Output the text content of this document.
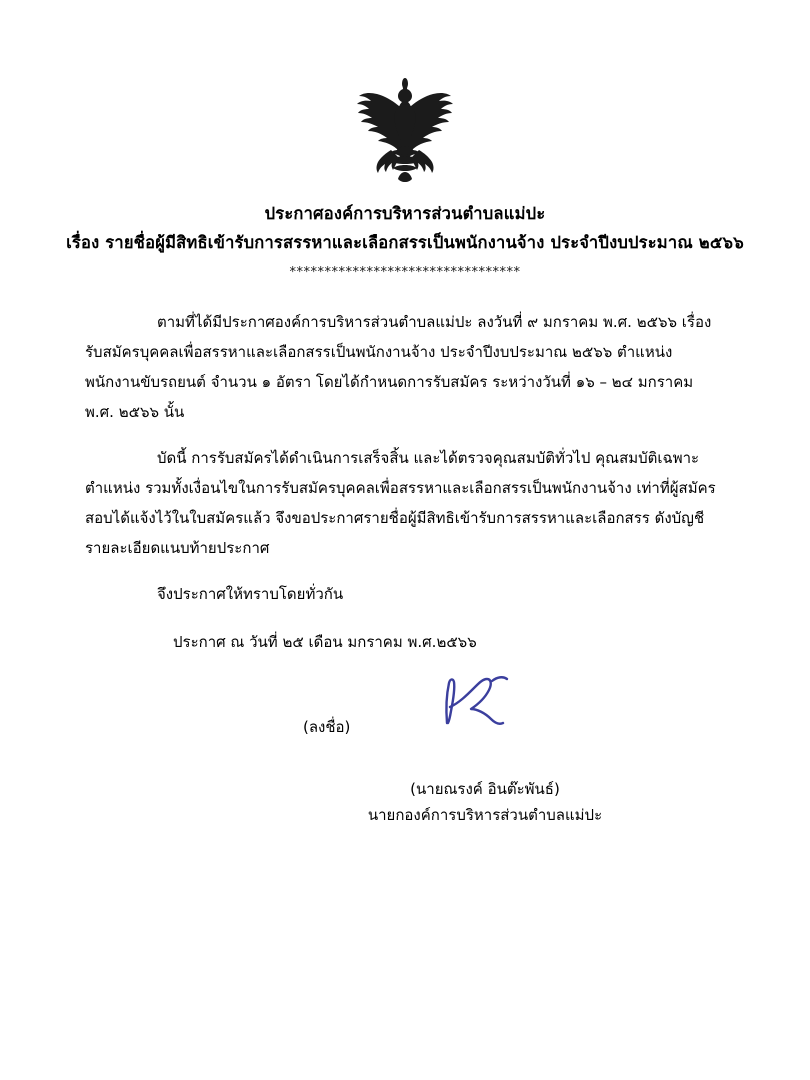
ประกาศองค์การบริหารส่วนตำบลแม่ปะ
เรื่อง รายชื่อผู้มีสิทธิเข้ารับการสรรหาและเลือกสรรเป็นพนักงานจ้าง ประจำปีงบประมาณ ๒๕๖๖
*********************************

ตามที่ได้มีประกาศองค์การบริหารส่วนตำบลแม่ปะ ลงวันที่ ๙ มกราคม พ.ศ. ๒๕๖๖ เรื่อง รับสมัครบุคคลเพื่อสรรหาและเลือกสรรเป็นพนักงานจ้าง ประจำปีงบประมาณ ๒๕๖๖ ตำแหน่ง พนักงานขับรถยนต์ จำนวน ๑ อัตรา โดยได้กำหนดการรับสมัคร ระหว่างวันที่ ๑๖ – ๒๔ มกราคม พ.ศ. ๒๕๖๖ นั้น

บัดนี้ การรับสมัครได้ดำเนินการเสร็จสิ้น และได้ตรวจคุณสมบัติทั่วไป คุณสมบัติเฉพาะตำแหน่ง รวมทั้งเงื่อนไขในการรับสมัครบุคคลเพื่อสรรหาและเลือกสรรเป็นพนักงานจ้าง เท่าที่ผู้สมัครสอบได้แจ้งไว้ในใบสมัครแล้ว จึงขอประกาศรายชื่อผู้มีสิทธิเข้ารับการสรรหาและเลือกสรร ดังบัญชีรายละเอียดแนบท้ายประกาศ

จึงประกาศให้ทราบโดยทั่วกัน

ประกาศ ณ วันที่ ๒๕ เดือน มกราคม พ.ศ.๒๕๖๖

(ลงชื่อ)
(นายณรงค์ อินต๊ะพันธ์)
นายกองค์การบริหารส่วนตำบลแม่ปะ
